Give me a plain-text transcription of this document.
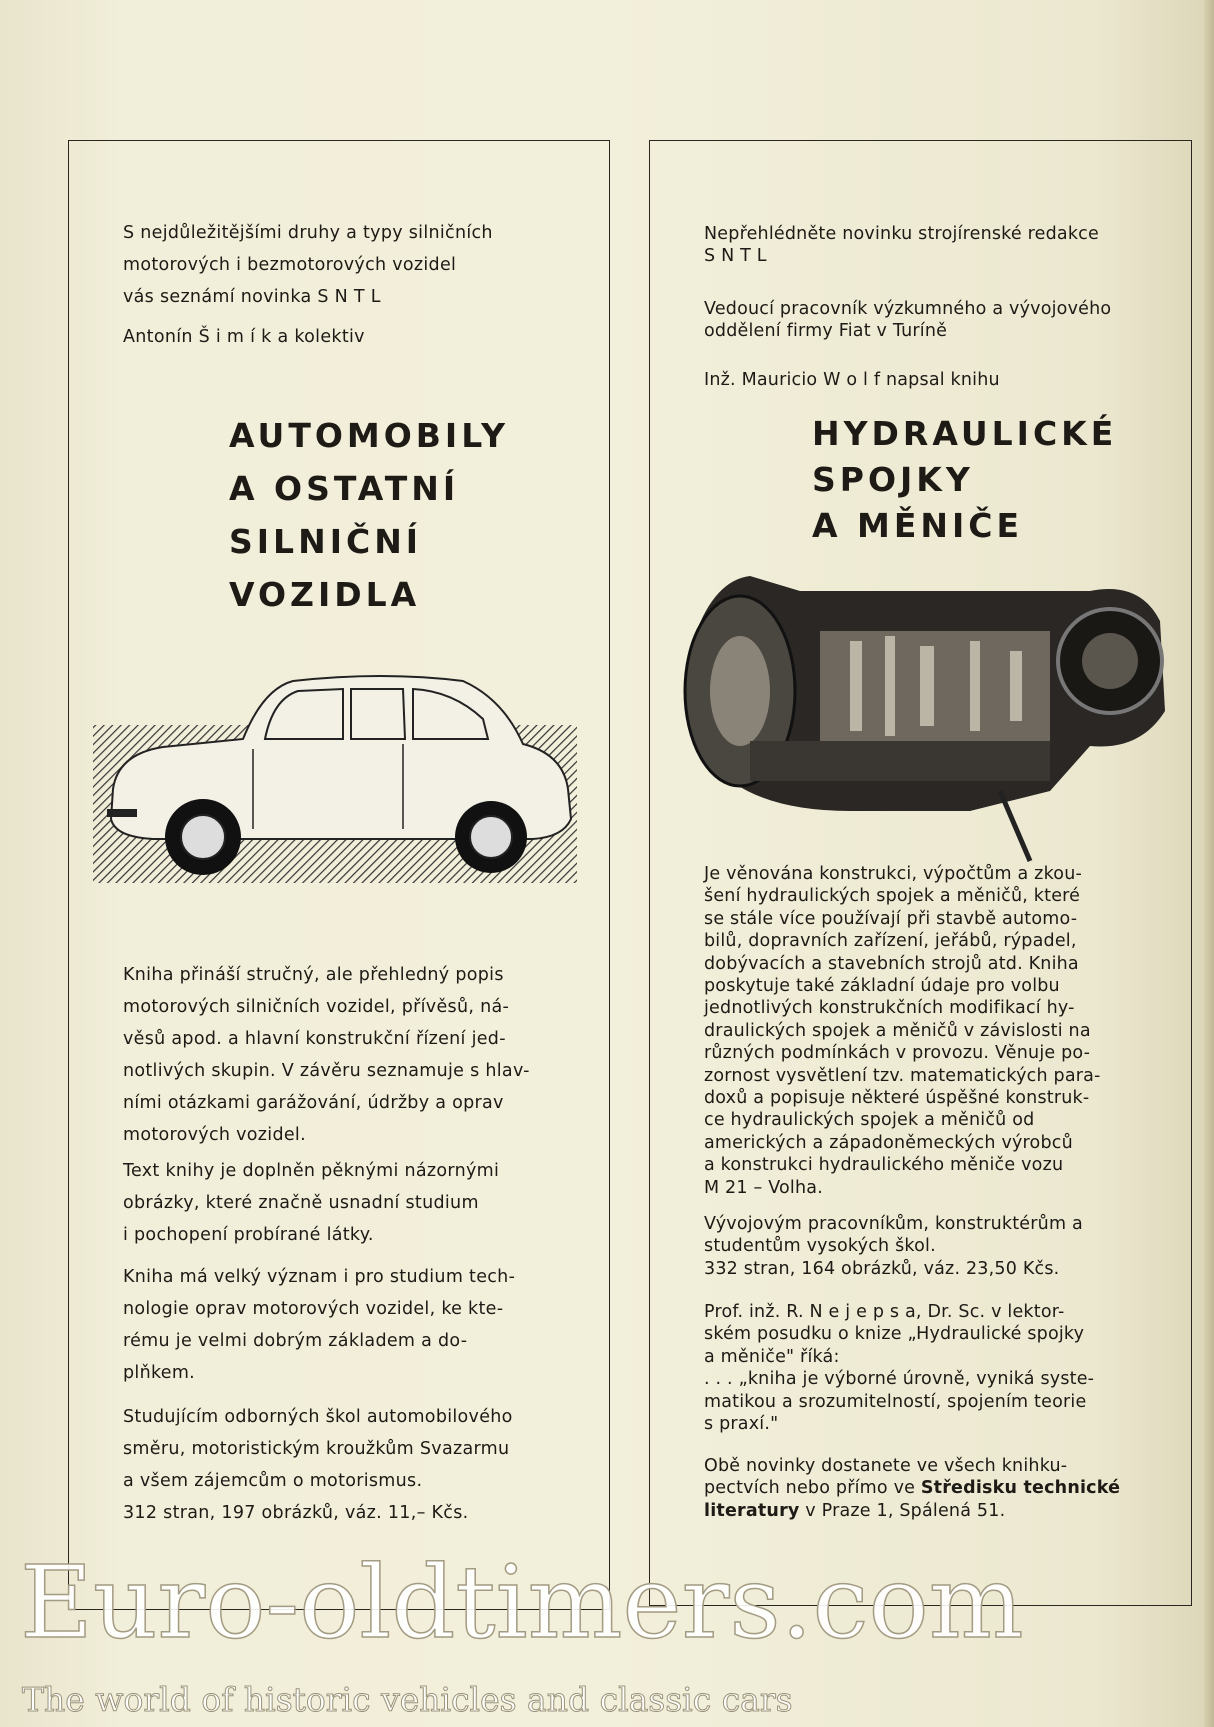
S nejdůležitějšími druhy a typy silničních
motorových i bezmotorových vozidel
vás seznámí novinka S N T L

Antonín Š i m í k a kolektiv

AUTOMOBILY
A OSTATNÍ
SILNIČNÍ
VOZIDLA

Kniha přináší stručný, ale přehledný popis
motorových silničních vozidel, přívěsů, ná-
věsů apod. a hlavní konstrukční řízení jed-
notlivých skupin. V závěru seznamuje s hlav-
ními otázkami garážování, údržby a oprav
motorových vozidel.

Text knihy je doplněn pěknými názornými
obrázky, které značně usnadní studium
i pochopení probírané látky.

Kniha má velký význam i pro studium tech-
nologie oprav motorových vozidel, ke kte-
rému je velmi dobrým základem a do-
plňkem.

Studujícím odborných škol automobilového
směru, motoristickým kroužkům Svazarmu
a všem zájemcům o motorismus.
312 stran, 197 obrázků, váz. 11,– Kčs.

Nepřehlédněte novinku strojírenské redakce
S N T L

Vedoucí pracovník výzkumného a vývojového
oddělení firmy Fiat v Turíně

Inž. Mauricio W o l f napsal knihu

HYDRAULICKÉ
SPOJKY
A MĚNIČE

Je věnována konstrukci, výpočtům a zkou-
šení hydraulických spojek a měničů, které
se stále více používají při stavbě automo-
bilů, dopravních zařízení, jeřábů, rýpadel,
dobývacích a stavebních strojů atd. Kniha
poskytuje také základní údaje pro volbu
jednotlivých konstrukčních modifikací hy-
draulických spojek a měničů v závislosti na
různých podmínkách v provozu. Věnuje po-
zornost vysvětlení tzv. matematických para-
doxů a popisuje některé úspěšné konstruk-
ce hydraulických spojek a měničů od
amerických a západoněmeckých výrobců
a konstrukci hydraulického měniče vozu
M 21 – Volha.

Vývojovým pracovníkům, konstruktérům a
studentům vysokých škol.
332 stran, 164 obrázků, váz. 23,50 Kčs.

Prof. inž. R. N e j e p s a, Dr. Sc. v lektor-
ském posudku o knize „Hydraulické spojky
a měniče" říká:
. . . „kniha je výborné úrovně, vyniká syste-
matikou a srozumitelností, spojením teorie
s praxí."

Obě novinky dostanete ve všech knihku-
pectvích nebo přímo ve Středisku technické
literatury v Praze 1, Spálená 51.

Euro-oldtimers.com
The world of historic vehicles and classic cars
